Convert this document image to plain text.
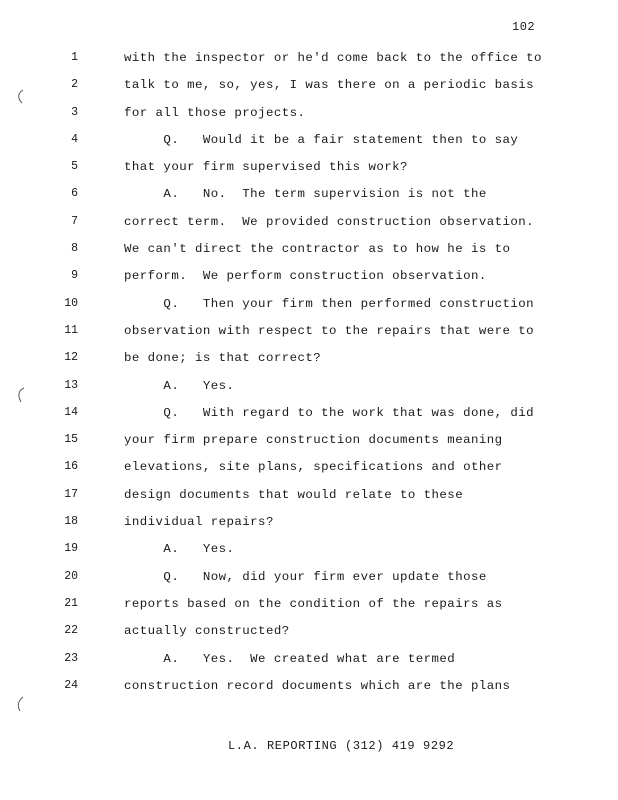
102
1	with the inspector or he'd come back to the office to
2	talk to me, so, yes, I was there on a periodic basis
3	for all those projects.
4	Q.   Would it be a fair statement then to say
5	that your firm supervised this work?
6	A.   No.  The term supervision is not the
7	correct term.  We provided construction observation.
8	We can't direct the contractor as to how he is to
9	perform.  We perform construction observation.
10	Q.   Then your firm then performed construction
11	observation with respect to the repairs that were to
12	be done; is that correct?
13	A.   Yes.
14	Q.   With regard to the work that was done, did
15	your firm prepare construction documents meaning
16	elevations, site plans, specifications and other
17	design documents that would relate to these
18	individual repairs?
19	A.   Yes.
20	Q.   Now, did your firm ever update those
21	reports based on the condition of the repairs as
22	actually constructed?
23	A.   Yes.  We created what are termed
24	construction record documents which are the plans
L.A. REPORTING (312) 419 9292
